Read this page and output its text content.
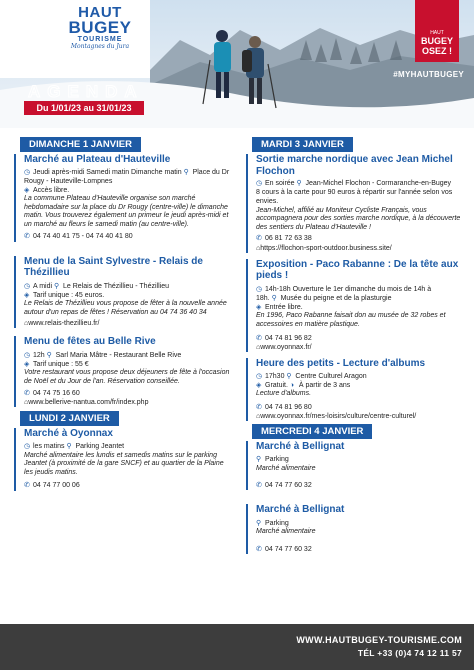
HAUT
BUGEY
TOURISME
Montagnes du Jura
HAUT
BUGEY
OSEZ !
#MYHAUTBUGEY
AGENDA
Du 1/01/23 au 31/01/23
DIMANCHE 1 JANVIER
Marché au Plateau d'Hauteville
◷ Jeudi après-midi Samedi matin Dimanche matin ⚲ Place du Dr Rougy - Hauteville-Lompnes
◈ Accès libre.
La commune Plateau d'Hauteville organise son marché hebdomadaire sur la place du Dr Rougy (centre-ville) le dimanche matin. Vous trouverez également un primeur le jeudi après-midi et un marché au fleurs le samedi matin (au centre-ville).
✆ 04 74 40 41 75 - 04 74 40 41 80
Menu de la Saint Sylvestre - Relais de Thézillieu
◷ A midi ⚲ Le Relais de Thézillieu - Thézillieu
◈ Tarif unique : 45 euros.
Le Relais de Thézillieu vous propose de fêter à la nouvelle année autour d'un repas de fêtes ! Réservation au 04 74 36 40 34
⌂www.relais-thezillieu.fr/
Menu de fêtes au Belle Rive
◷ 12h ⚲ Sarl Maria Mâtre - Restaurant Belle Rive
◈ Tarif unique : 55 €
Votre restaurant vous propose deux déjeuners de fête à l'occasion de Noël et du Jour de l'an. Réservation conseillée.
✆ 04 74 75 16 60
⌂www.bellerive-nantua.com/fr/index.php
LUNDI 2 JANVIER
Marché à Oyonnax
◷ les matins ⚲ Parking Jeantet
Marché alimentaire les lundis et samedis matins sur le parking Jeantet (à proximité de la gare SNCF) et au quartier de la Plaine les jeudis matins.
✆ 04 74 77 00 06
MARDI 3 JANVIER
Sortie marche nordique avec Jean Michel Flochon
◷ En soirée ⚲ Jean-Michel Flochon - Cormaranche-en-Bugey
8 cours à la carte pour 90 euros à répartir sur l'année selon vos envies.
Jean-Michel, affilié au Moniteur Cycliste Français, vous accompagnera pour des sorties marche nordique, à la découverte des sentiers du Plateau d'Hauteville !
✆ 06 81 72 63 38
⌂https://flochon-sport-outdoor.business.site/
Exposition - Paco Rabanne : De la tête aux pieds !
◷ 14h-18h Ouverture le 1er dimanche du mois de 14h à
18h. ⚲ Musée du peigne et de la plasturgie
◈ Entrée libre.
En 1996, Paco Rabanne faisait don au musée de 32 robes et accessoires en matière plastique.
✆ 04 74 81 96 82
⌂www.oyonnax.fr/
Heure des petits - Lecture d'albums
◷ 17h30 ⚲ Centre Culturel Aragon
◈ Gratuit. ◑ À partir de 3 ans
Lecture d'albums.
✆ 04 74 81 96 80
⌂www.oyonnax.fr/mes-loisirs/culture/centre-culturel/
MERCREDI 4 JANVIER
Marché à Bellignat
⚲ Parking
Marché alimentaire
✆ 04 74 77 60 32
Marché à Bellignat
⚲ Parking
Marché alimentaire
✆ 04 74 77 60 32
WWW.HAUTBUGEY-TOURISME.COM
TÉL +33 (0)4 74 12 11 57
